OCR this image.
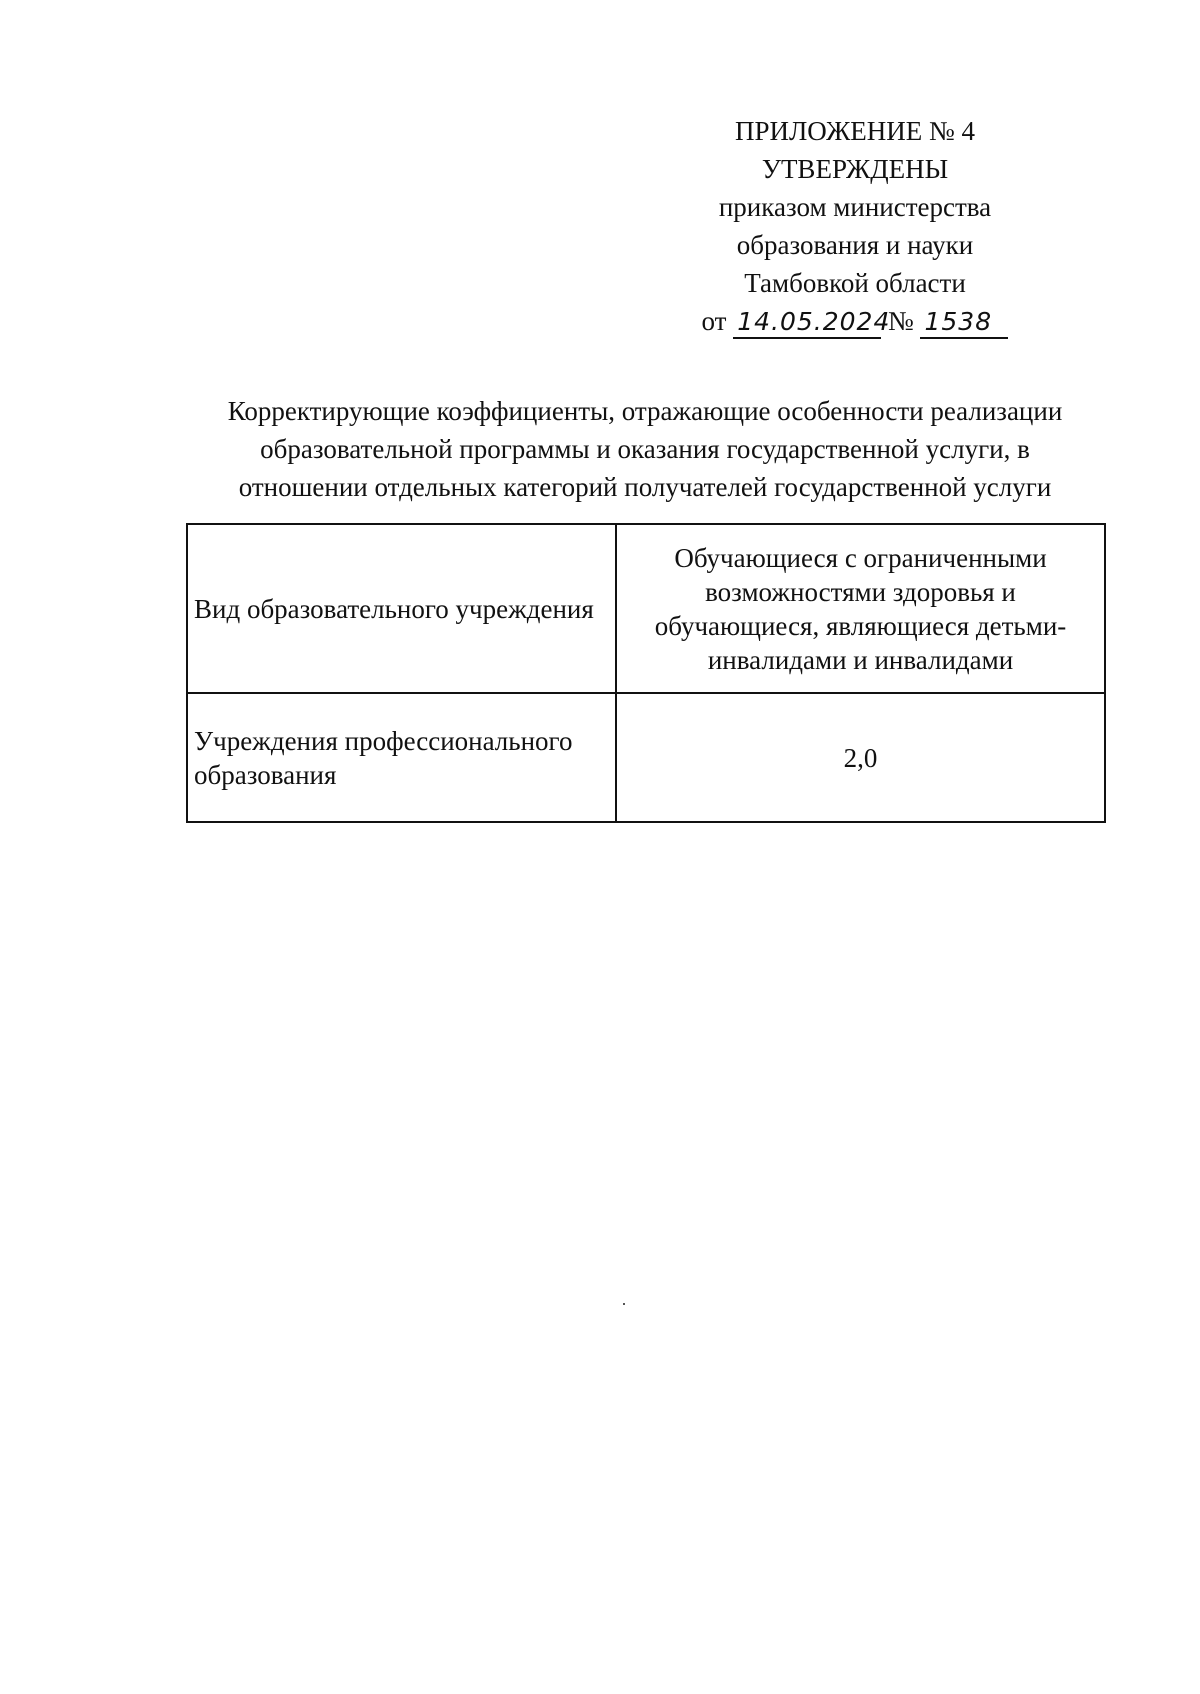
ПРИЛОЖЕНИЕ № 4
УТВЕРЖДЕНЫ
приказом министерства
образования и науки
Тамбовкой области
от 14.05.2024 № 1538
Корректирующие коэффициенты, отражающие особенности реализации
образовательной программы и оказания государственной услуги, в
отношении отдельных категорий получателей государственной услуги
Вид образовательного учреждения	Обучающиеся с ограниченными возможностями здоровья и обучающиеся, являющиеся детьми-инвалидами и инвалидами
Учреждения профессионального образования	2,0
